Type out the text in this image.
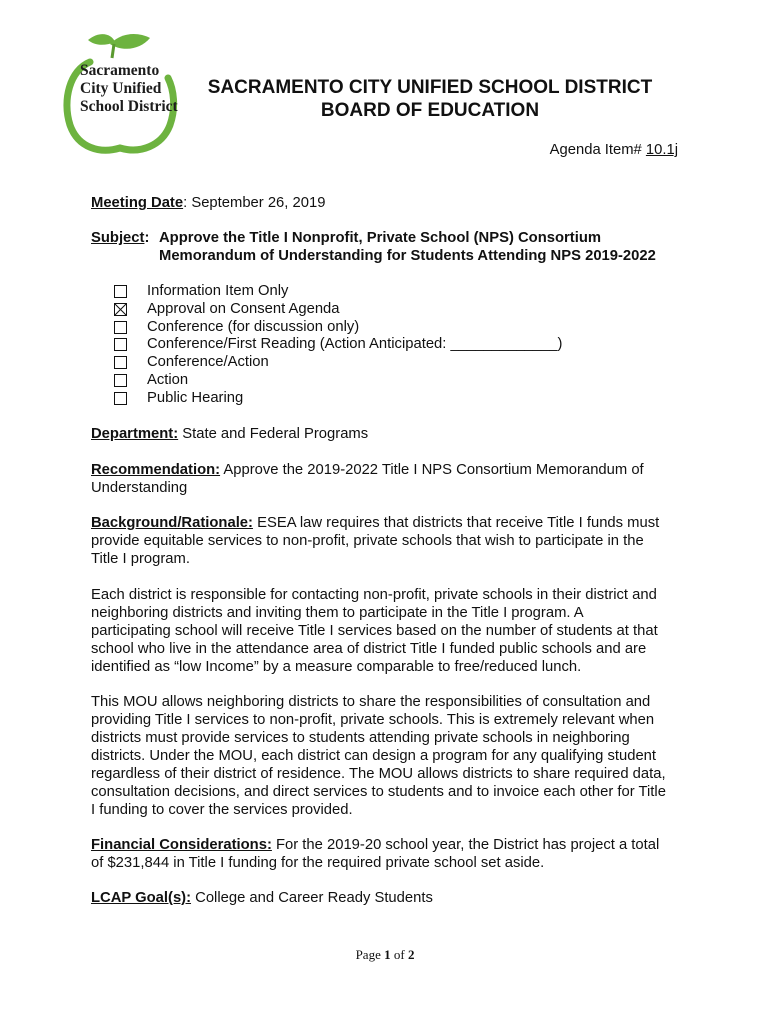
Sacramento
City Unified
School District
SACRAMENTO CITY UNIFIED SCHOOL DISTRICT
BOARD OF EDUCATION
Agenda Item# 10.1j
Meeting Date: September 26, 2019
Subject: Approve the Title I Nonprofit, Private School (NPS) Consortium
Memorandum of Understanding for Students Attending NPS 2019-2022
Information Item Only
Approval on Consent Agenda
Conference (for discussion only)
Conference/First Reading (Action Anticipated: _____________)
Conference/Action
Action
Public Hearing
Department: State and Federal Programs
Recommendation: Approve the 2019-2022 Title I NPS Consortium Memorandum of
Understanding
Background/Rationale: ESEA law requires that districts that receive Title I funds must
provide equitable services to non-profit, private schools that wish to participate in the
Title I program.
Each district is responsible for contacting non-profit, private schools in their district and
neighboring districts and inviting them to participate in the Title I program. A
participating school will receive Title I services based on the number of students at that
school who live in the attendance area of district Title I funded public schools and are
identified as “low Income” by a measure comparable to free/reduced lunch.
This MOU allows neighboring districts to share the responsibilities of consultation and
providing Title I services to non-profit, private schools. This is extremely relevant when
districts must provide services to students attending private schools in neighboring
districts. Under the MOU, each district can design a program for any qualifying student
regardless of their district of residence. The MOU allows districts to share required data,
consultation decisions, and direct services to students and to invoice each other for Title
I funding to cover the services provided.
Financial Considerations: For the 2019-20 school year, the District has project a total
of $231,844 in Title I funding for the required private school set aside.
LCAP Goal(s): College and Career Ready Students
Page 1 of 2
